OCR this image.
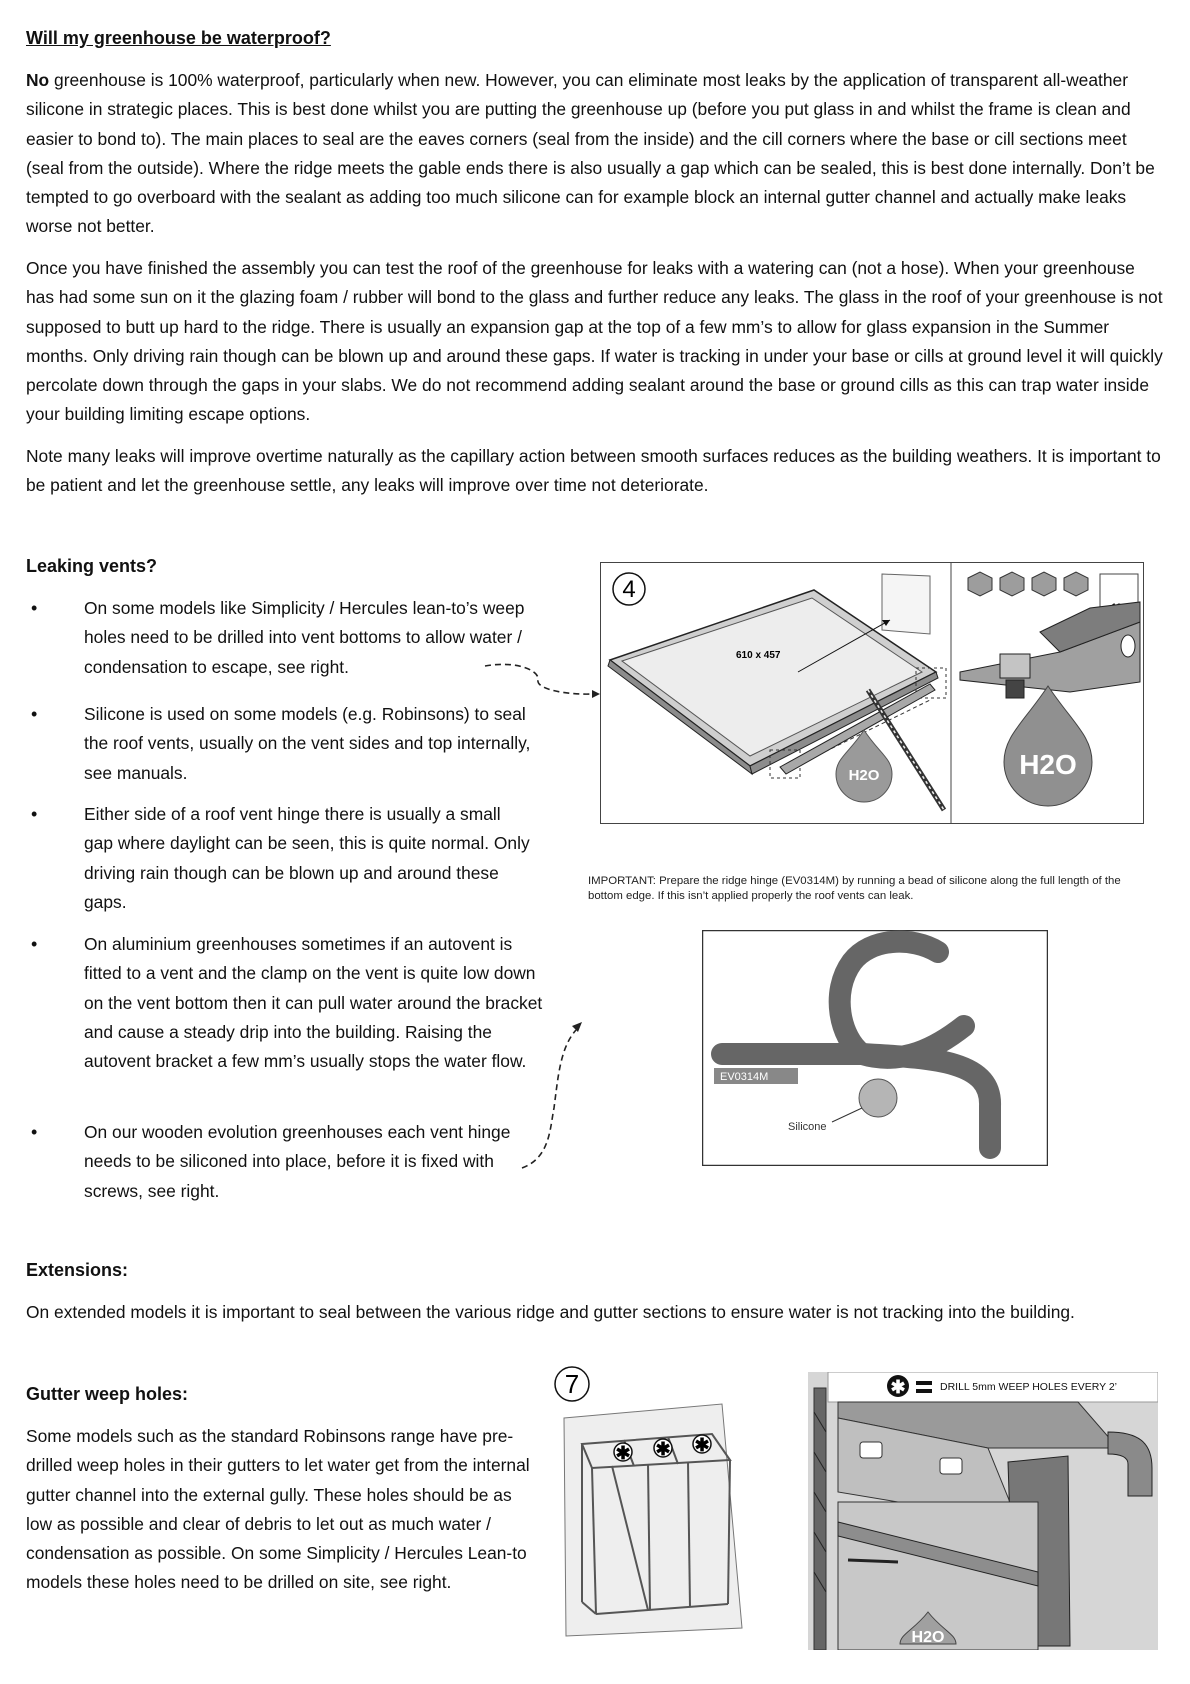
Will my greenhouse be waterproof?
No greenhouse is 100% waterproof, particularly when new. However, you can eliminate most leaks by the application of transparent all-weather silicone in strategic places. This is best done whilst you are putting the greenhouse up (before you put glass in and whilst the frame is clean and easier to bond to). The main places to seal are the eaves corners (seal from the inside) and the cill corners where the base or cill sections meet (seal from the outside). Where the ridge meets the gable ends there is also usually a gap which can be sealed, this is best done internally. Don’t be tempted to go overboard with the sealant as adding too much silicone can for example block an internal gutter channel and actually make leaks worse not better.
Once you have finished the assembly you can test the roof of the greenhouse for leaks with a watering can (not a hose). When your greenhouse has had some sun on it the glazing foam / rubber will bond to the glass and further reduce any leaks. The glass in the roof of your greenhouse is not supposed to butt up hard to the ridge. There is usually an expansion gap at the top of a few mm’s to allow for glass expansion in the Summer months. Only driving rain though can be blown up and around these gaps. If water is tracking in under your base or cills at ground level it will quickly percolate down through the gaps in your slabs. We do not recommend adding sealant around the base or ground cills as this can trap water inside your building limiting escape options.
Note many leaks will improve overtime naturally as the capillary action between smooth surfaces reduces as the building weathers. It is important to be patient and let the greenhouse settle, any leaks will improve over time not deteriorate.
Leaking vents?
•	On some models like Simplicity / Hercules lean-to’s weep holes need to be drilled into vent bottoms to allow water / condensation to escape, see right.
•	Silicone is used on some models (e.g. Robinsons) to seal the roof vents, usually on the vent sides and top internally, see manuals.
•	Either side of a roof vent hinge there is usually a small gap where daylight can be seen, this is quite normal. Only driving rain though can be blown up and around these gaps.
•	On aluminium greenhouses sometimes if an autovent is fitted to a vent and the clamp on the vent is quite low down on the vent bottom then it can pull water around the bracket and cause a steady drip into the building. Raising the autovent bracket a few mm’s usually stops the water flow.
•	On our wooden evolution greenhouses each vent hinge needs to be siliconed into place, before it is fixed with screws, see right.
4
610 x 457
H2O	H2O
IMPORTANT: Prepare the ridge hinge (EV0314M) by running a bead of silicone along the full length of the bottom edge. If this isn’t applied properly the roof vents can leak.
EV0314M
Silicone
Extensions:
On extended models it is important to seal between the various ridge and gutter sections to ensure water is not tracking into the building.
Gutter weep holes:
Some models such as the standard Robinsons range have pre-drilled weep holes in their gutters to let water get from the internal gutter channel into the external gully. These holes should be as low as possible and clear of debris to let out as much water / condensation as possible. On some Simplicity / Hercules Lean-to models these holes need to be drilled on site, see right.
7
✱ ✱ ✱
✱	DRILL 5mm WEEP HOLES EVERY 2’
H2O
